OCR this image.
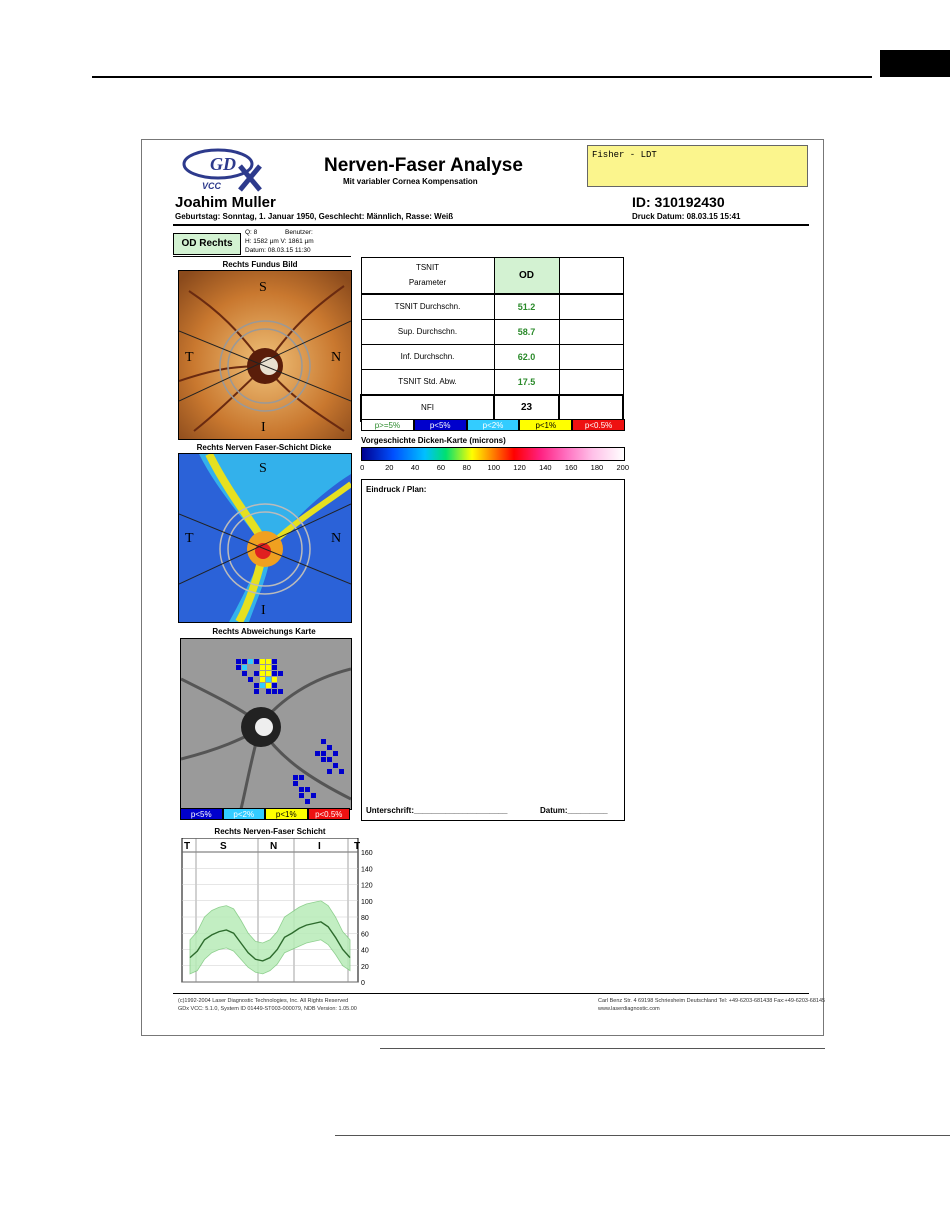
GD
VCC
Nerven-Faser Analyse
Mit variabler Cornea Kompensation
Fisher - LDT
Joahim Muller	ID: 310192430
Geburtstag: Sonntag, 1. Januar 1950, Geschlecht: Männlich, Rasse: Weiß	Druck Datum: 08.03.15 15:41
OD Rechts
Q: 8	Benutzer:
H: 1582 µm V: 1861 µm
Datum: 08.03.15 11:30
Rechts Fundus Bild
S
T	N
I
Rechts Nerven Faser-Schicht Dicke
S
T	N
I
Rechts Abweichungs Karte
p<5%	p<2%	p<1%	p<0.5%
Rechts Nerven-Faser Schicht
T	S	N	I	T
0
20
40
60
80
100
120
140
160
TSNIT
Parameter	OD	
TSNIT Durchschn.	51.2	
Sup. Durchschn.	58.7	
Inf. Durchschn.	62.0	
TSNIT Std. Abw.	17.5	
NFI	23	
p>=5%	p<5%	p<2%	p<1%	p<0.5%
Vorgeschichte Dicken-Karte (microns)
0	20 40 60 80 100 120 140 160 180 200
Eindruck / Plan:
Unterschrift:_____________________	Datum:_________
(c)1992-2004 Laser Diagnostic Technologies, Inc. All Rights Reserved
GDx VCC: 5.1.0, System ID 01449-ST003-000079, NDB Version: 1.05.00
Carl Benz Str. 4 69198 Schriesheim Deutschland Tel: +49-6203-681438 Fax:+49-6203-68145
www.laserdiagnostic.com
